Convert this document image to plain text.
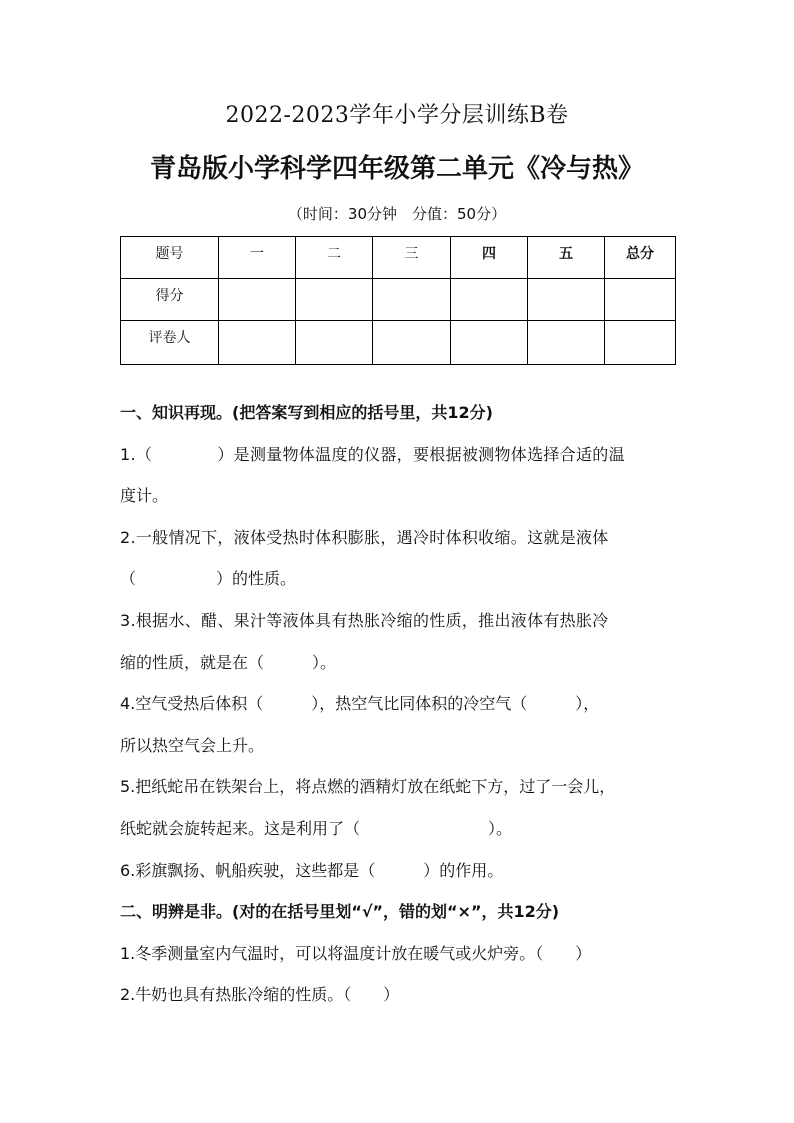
2022-2023学年小学分层训练B卷
青岛版小学科学四年级第二单元《冷与热》
（时间：30分钟　分值：50分）
题号	一	二	三	四	五	总分
得分						
评卷人						
一、知识再现。(把答案写到相应的括号里，共12分)
1.（　　　　）是测量物体温度的仪器，要根据被测物体选择合适的温
度计。
2.一般情况下，液体受热时体积膨胀，遇冷时体积收缩。这就是液体
（　　　　　）的性质。
3.根据水、醋、果汁等液体具有热胀冷缩的性质，推出液体有热胀冷
缩的性质，就是在（　　　）。
4.空气受热后体积（　　　），热空气比同体积的冷空气（　　　），
所以热空气会上升。
5.把纸蛇吊在铁架台上，将点燃的酒精灯放在纸蛇下方，过了一会儿，
纸蛇就会旋转起来。这是利用了（　　　　　　　　）。
6.彩旗飘扬、帆船疾驶，这些都是（　　　）的作用。
二、明辨是非。(对的在括号里划“√”，错的划“×”，共12分)
1.冬季测量室内气温时，可以将温度计放在暖气或火炉旁。（　　）
2.牛奶也具有热胀冷缩的性质。（　　）
